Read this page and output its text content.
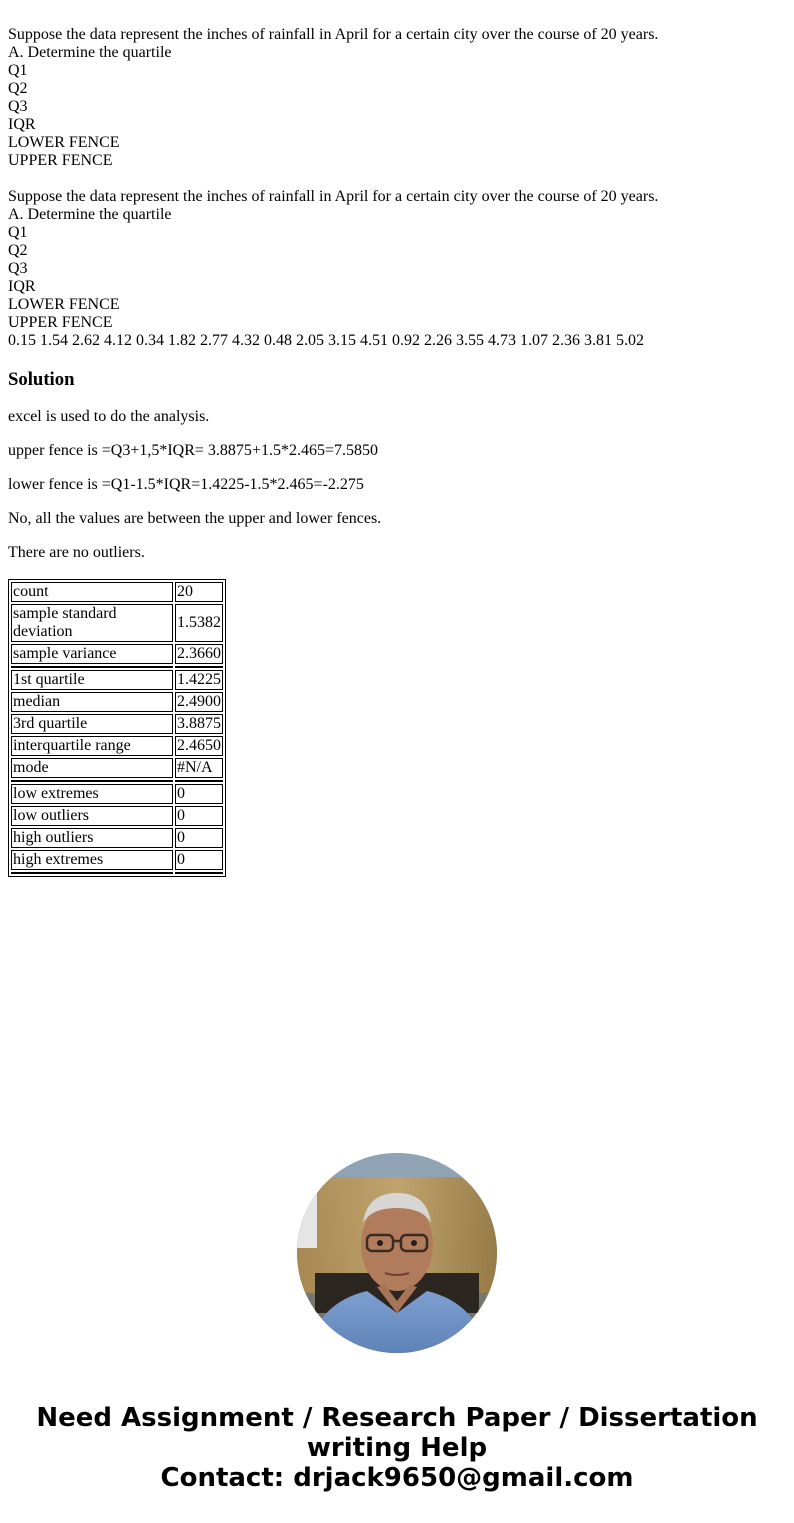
Suppose the data represent the inches of rainfall in April for a certain city over the course of 20 years.
A. Determine the quartile
Q1
Q2
Q3
IQR
LOWER FENCE
UPPER FENCE
Suppose the data represent the inches of rainfall in April for a certain city over the course of 20 years.
A. Determine the quartile
Q1
Q2
Q3
IQR
LOWER FENCE
UPPER FENCE
0.15 1.54 2.62 4.12 0.34 1.82 2.77 4.32 0.48 2.05 3.15 4.51 0.92 2.26 3.55 4.73 1.07 2.36 3.81 5.02
Solution

excel is used to do the analysis.

upper fence is =Q3+1,5*IQR= 3.8875+1.5*2.465=7.5850

lower fence is =Q1-1.5*IQR=1.4225-1.5*2.465=-2.275

No, all the values are between the upper and lower fences.

There are no outliers.

count	20
sample standard deviation	1.5382
sample variance	2.3660

1st quartile	1.4225
median	2.4900
3rd quartile	3.8875
interquartile range	2.4650
mode	#N/A

low extremes	0
low outliers	0
high outliers	0
high extremes	0

Need Assignment / Research Paper / Dissertation
writing Help
Contact: drjack9650@gmail.com
